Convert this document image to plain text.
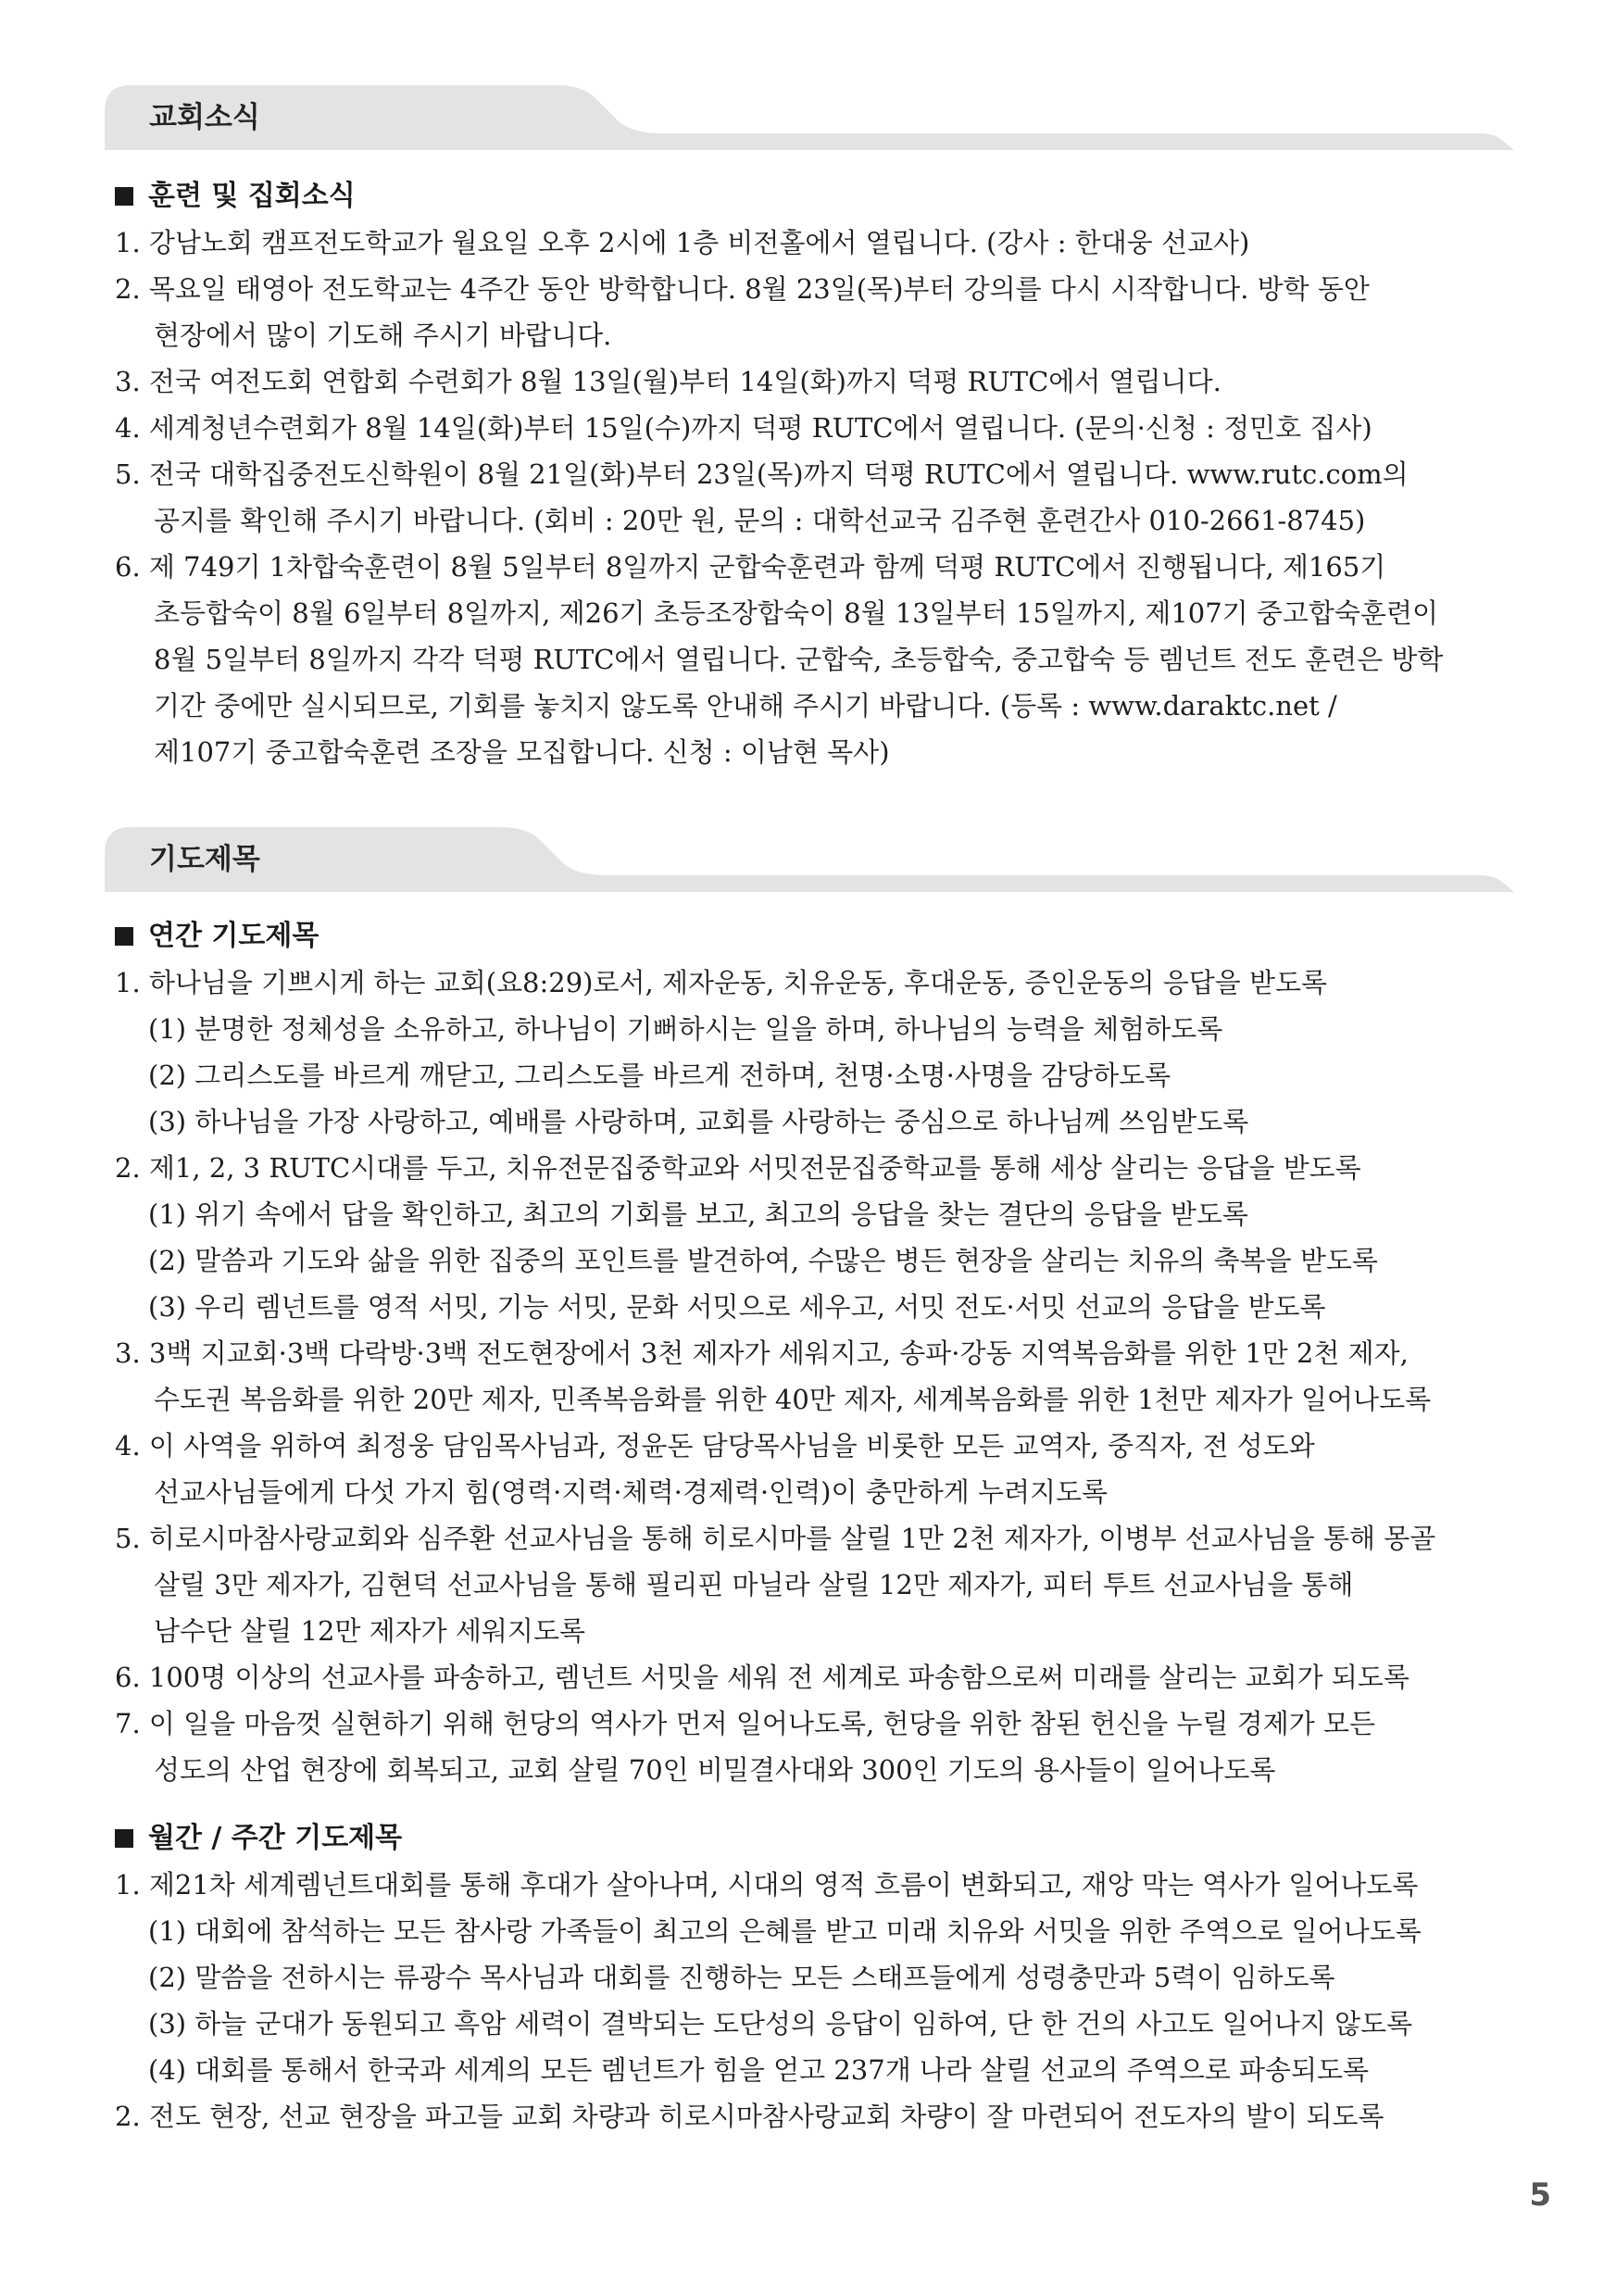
교회소식
훈련 및 집회소식
1. 강남노회 캠프전도학교가 월요일 오후 2시에 1층 비전홀에서 열립니다. (강사 : 한대웅 선교사)
2. 목요일 태영아 전도학교는 4주간 동안 방학합니다. 8월 23일(목)부터 강의를 다시 시작합니다. 방학 동안
현장에서 많이 기도해 주시기 바랍니다.
3. 전국 여전도회 연합회 수련회가 8월 13일(월)부터 14일(화)까지 덕평 RUTC에서 열립니다.
4. 세계청년수련회가 8월 14일(화)부터 15일(수)까지 덕평 RUTC에서 열립니다. (문의·신청 : 정민호 집사)
5. 전국 대학집중전도신학원이 8월 21일(화)부터 23일(목)까지 덕평 RUTC에서 열립니다. www.rutc.com의
공지를 확인해 주시기 바랍니다. (회비 : 20만 원, 문의 : 대학선교국 김주현 훈련간사 010-2661-8745)
6. 제 749기 1차합숙훈련이 8월 5일부터 8일까지 군합숙훈련과 함께 덕평 RUTC에서 진행됩니다, 제165기
초등합숙이 8월 6일부터 8일까지, 제26기 초등조장합숙이 8월 13일부터 15일까지, 제107기 중고합숙훈련이
8월 5일부터 8일까지 각각 덕평 RUTC에서 열립니다. 군합숙, 초등합숙, 중고합숙 등 렘넌트 전도 훈련은 방학
기간 중에만 실시되므로, 기회를 놓치지 않도록 안내해 주시기 바랍니다. (등록 : www.daraktc.net /
제107기 중고합숙훈련 조장을 모집합니다. 신청 : 이남현 목사)
기도제목
연간 기도제목
1. 하나님을 기쁘시게 하는 교회(요8:29)로서, 제자운동, 치유운동, 후대운동, 증인운동의 응답을 받도록
(1) 분명한 정체성을 소유하고, 하나님이 기뻐하시는 일을 하며, 하나님의 능력을 체험하도록
(2) 그리스도를 바르게 깨닫고, 그리스도를 바르게 전하며, 천명·소명·사명을 감당하도록
(3) 하나님을 가장 사랑하고, 예배를 사랑하며, 교회를 사랑하는 중심으로 하나님께 쓰임받도록
2. 제1, 2, 3 RUTC시대를 두고, 치유전문집중학교와 서밋전문집중학교를 통해 세상 살리는 응답을 받도록
(1) 위기 속에서 답을 확인하고, 최고의 기회를 보고, 최고의 응답을 찾는 결단의 응답을 받도록
(2) 말씀과 기도와 삶을 위한 집중의 포인트를 발견하여, 수많은 병든 현장을 살리는 치유의 축복을 받도록
(3) 우리 렘넌트를 영적 서밋, 기능 서밋, 문화 서밋으로 세우고, 서밋 전도·서밋 선교의 응답을 받도록
3. 3백 지교회·3백 다락방·3백 전도현장에서 3천 제자가 세워지고, 송파·강동 지역복음화를 위한 1만 2천 제자,
수도권 복음화를 위한 20만 제자, 민족복음화를 위한 40만 제자, 세계복음화를 위한 1천만 제자가 일어나도록
4. 이 사역을 위하여 최정웅 담임목사님과, 정윤돈 담당목사님을 비롯한 모든 교역자, 중직자, 전 성도와
선교사님들에게 다섯 가지 힘(영력·지력·체력·경제력·인력)이 충만하게 누려지도록
5. 히로시마참사랑교회와 심주환 선교사님을 통해 히로시마를 살릴 1만 2천 제자가, 이병부 선교사님을 통해 몽골
살릴 3만 제자가, 김현덕 선교사님을 통해 필리핀 마닐라 살릴 12만 제자가, 피터 투트 선교사님을 통해
남수단 살릴 12만 제자가 세워지도록
6. 100명 이상의 선교사를 파송하고, 렘넌트 서밋을 세워 전 세계로 파송함으로써 미래를 살리는 교회가 되도록
7. 이 일을 마음껏 실현하기 위해 헌당의 역사가 먼저 일어나도록, 헌당을 위한 참된 헌신을 누릴 경제가 모든
성도의 산업 현장에 회복되고, 교회 살릴 70인 비밀결사대와 300인 기도의 용사들이 일어나도록
월간 / 주간 기도제목
1. 제21차 세계렘넌트대회를 통해 후대가 살아나며, 시대의 영적 흐름이 변화되고, 재앙 막는 역사가 일어나도록
(1) 대회에 참석하는 모든 참사랑 가족들이 최고의 은혜를 받고 미래 치유와 서밋을 위한 주역으로 일어나도록
(2) 말씀을 전하시는 류광수 목사님과 대회를 진행하는 모든 스태프들에게 성령충만과 5력이 임하도록
(3) 하늘 군대가 동원되고 흑암 세력이 결박되는 도단성의 응답이 임하여, 단 한 건의 사고도 일어나지 않도록
(4) 대회를 통해서 한국과 세계의 모든 렘넌트가 힘을 얻고 237개 나라 살릴 선교의 주역으로 파송되도록
2. 전도 현장, 선교 현장을 파고들 교회 차량과 히로시마참사랑교회 차량이 잘 마련되어 전도자의 발이 되도록
5
